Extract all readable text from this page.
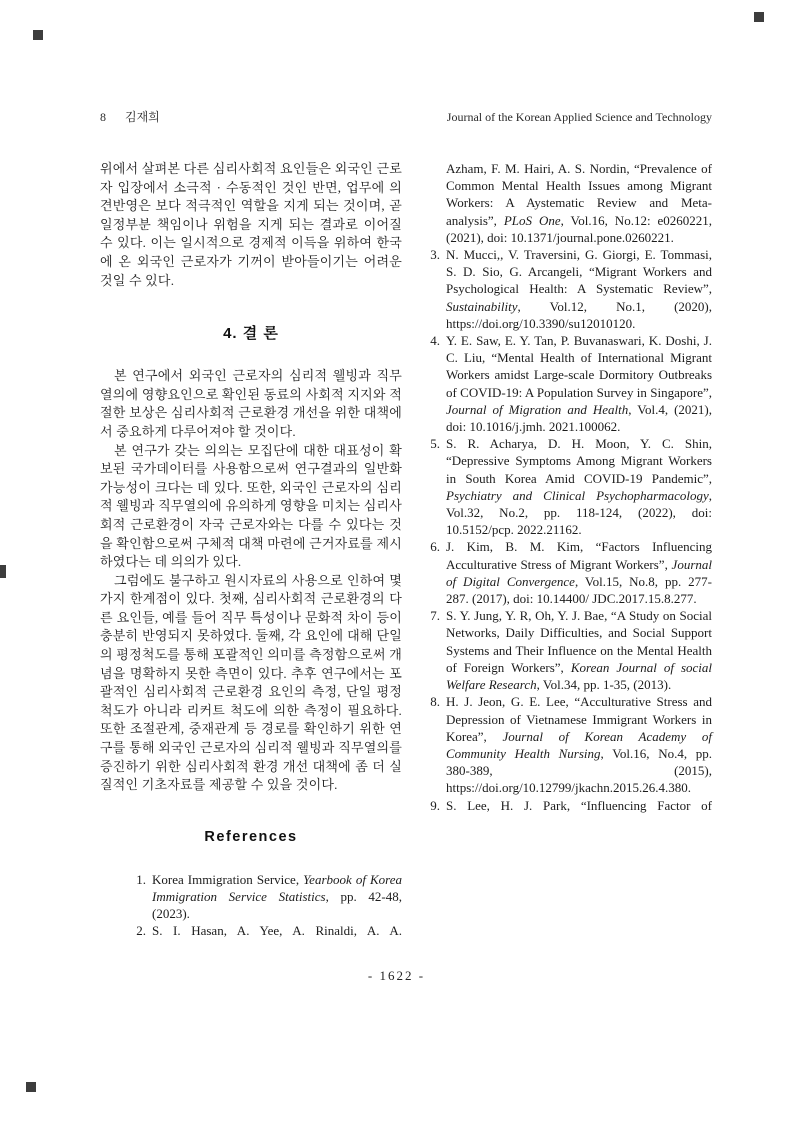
8 김재희	Journal of the Korean Applied Science and Technology

위에서 살펴본 다른 심리사회적 요인들은 외국인 근로자 입장에서 소극적 · 수동적인 것인 반면, 업무에 의견반영은 보다 적극적인 역할을 지게 되는 것이며, 곧 일정부분 책임이나 위험을 지게 되는 결과로 이어질 수 있다. 이는 일시적으로 경제적 이득을 위하여 한국에 온 외국인 근로자가 기꺼이 받아들이기는 어려운 것일 수 있다.

4. 결 론

본 연구에서 외국인 근로자의 심리적 웰빙과 직무열의에 영향요인으로 확인된 동료의 사회적 지지와 적절한 보상은 심리사회적 근로환경 개선을 위한 대책에서 중요하게 다루어져야 할 것이다.

본 연구가 갖는 의의는 모집단에 대한 대표성이 확보된 국가데이터를 사용함으로써 연구결과의 일반화 가능성이 크다는 데 있다. 또한, 외국인 근로자의 심리적 웰빙과 직무열의에 유의하게 영향을 미치는 심리사회적 근로환경이 자국 근로자와는 다를 수 있다는 것을 확인함으로써 구체적 대책 마련에 근거자료를 제시하였다는 데 의의가 있다.

그럼에도 불구하고 원시자료의 사용으로 인하여 몇 가지 한계점이 있다. 첫째, 심리사회적 근로환경의 다른 요인들, 예를 들어 직무 특성이나 문화적 차이 등이 충분히 반영되지 못하였다. 둘째, 각 요인에 대해 단일의 평정척도를 통해 포괄적인 의미를 측정함으로써 개념을 명확하지 못한 측면이 있다. 추후 연구에서는 포괄적인 심리사회적 근로환경 요인의 측정, 단일 평정척도가 아니라 리커트 척도에 의한 측정이 필요하다. 또한 조절관계, 중재관계 등 경로를 확인하기 위한 연구를 통해 외국인 근로자의 심리적 웰빙과 직무열의를 증진하기 위한 심리사회적 환경 개선 대책에 좀 더 실질적인 기초자료를 제공할 수 있을 것이다.

References
1. Korea Immigration Service, Yearbook of Korea Immigration Service Statistics, pp. 42-48, (2023).
2. S. I. Hasan, A. Yee, A. Rinaldi, A. A.
Azham, F. M. Hairi, A. S. Nordin, “Prevalence of Common Mental Health Issues among Migrant Workers: A Aystematic Review and Meta-analysis”, PLoS One, Vol.16, No.12: e0260221, (2021), doi: 10.1371/journal.pone.0260221.
3. N. Mucci,, V. Traversini, G. Giorgi, E. Tommasi, S. D. Sio, G. Arcangeli, “Migrant Workers and Psychological Health: A Systematic Review”, Sustainability, Vol.12, No.1, (2020), https://doi.org/10.3390/su12010120.
4. Y. E. Saw, E. Y. Tan, P. Buvanaswari, K. Doshi, J. C. Liu, “Mental Health of International Migrant Workers amidst Large-scale Dormitory Outbreaks of COVID-19: A Population Survey in Singapore”, Journal of Migration and Health, Vol.4, (2021), doi: 10.1016/j.jmh. 2021.100062.
5. S. R. Acharya, D. H. Moon, Y. C. Shin, “Depressive Symptoms Among Migrant Workers in South Korea Amid COVID-19 Pandemic”, Psychiatry and Clinical Psychopharmacology, Vol.32, No.2, pp. 118-124, (2022), doi: 10.5152/pcp. 2022.21162.
6. J. Kim, B. M. Kim, “Factors Influencing Acculturative Stress of Migrant Workers”, Journal of Digital Convergence, Vol.15, No.8, pp. 277-287. (2017), doi: 10.14400/ JDC.2017.15.8.277.
7. S. Y. Jung, Y. R, Oh, Y. J. Bae, “A Study on Social Networks, Daily Difficulties, and Social Support Systems and Their Influence on the Mental Health of Foreign Workers”, Korean Journal of social Welfare Research, Vol.34, pp. 1-35, (2013).
8. H. J. Jeon, G. E. Lee, “Acculturative Stress and Depression of Vietnamese Immigrant Workers in Korea”, Journal of Korean Academy of Community Health Nursing, Vol.16, No.4, pp. 380-389, (2015), https://doi.org/10.12799/jkachn.2015.26.4.380.
9. S. Lee, H. J. Park, “Influencing Factor of
- 1622 -
